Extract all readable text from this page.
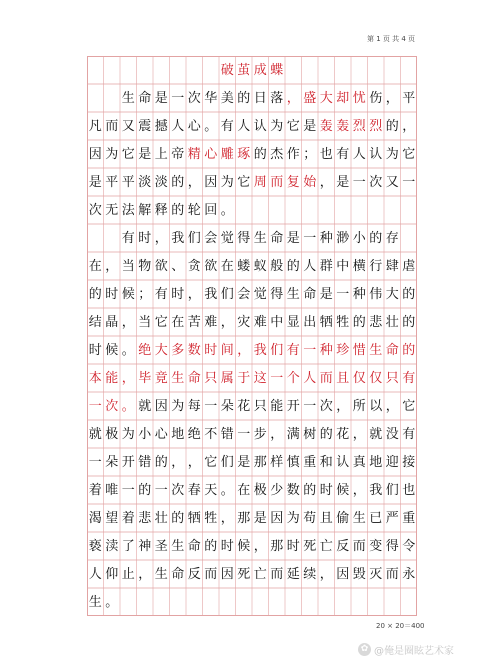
第 1 页 共 4 页
破 茧 成 蝶
生 命 是 一 次 华 美 的 日 落 ， 盛 大 却 忧 伤 ， 平
凡 而 又 震 撼 人 心 。 有 人 认 为 它 是 轰 轰 烈 烈 的 ，
因 为 它 是 上 帝 精 心 雕 琢 的 杰 作 ； 也 有 人 认 为 它
是 平 平 淡 淡 的 ， 因 为 它 周 而 复 始 ， 是 一 次 又 一
次 无 法 解 释 的 轮 回 。
有 时 ， 我 们 会 觉 得 生 命 是 一 种 渺 小 的 存
在 ， 当 物 欲 、 贪 欲 在 蝼 蚁 般 的 人 群 中 横 行 肆 虐
的 时 候 ； 有 时 ， 我 们 会 觉 得 生 命 是 一 种 伟 大 的
结 晶 ， 当 它 在 苦 难 ， 灾 难 中 显 出 牺 牲 的 悲 壮 的
时 候 。 绝 大 多 数 时 间 ， 我 们 有 一 种 珍 惜 生 命 的
本 能 ， 毕 竟 生 命 只 属 于 这 一 个 人 而 且 仅 仅 只 有
一 次 。 就 因 为 每 一 朵 花 只 能 开 一 次 ， 所 以 ， 它
就 极 为 小 心 地 绝 不 错 一 步 ， 满 树 的 花 ， 就 没 有
一 朵 开 错 的 ， ， 它 们 是 那 样 慎 重 和 认 真 地 迎 接
着 唯 一 的 一 次 春 天 。 在 极 少 数 的 时 候 ， 我 们 也
渴 望 着 悲 壮 的 牺 牲 ， 那 是 因 为 苟 且 偷 生 已 严 重
亵 渎 了 神 圣 生 命 的 时 候 ， 那 时 死 亡 反 而 变 得 令
人 仰 止 ， 生 命 反 而 因 死 亡 而 延 续 ， 因 毁 灭 而 永
生 。
20 × 20＝400
✿ @俺是圈眩艺术家
